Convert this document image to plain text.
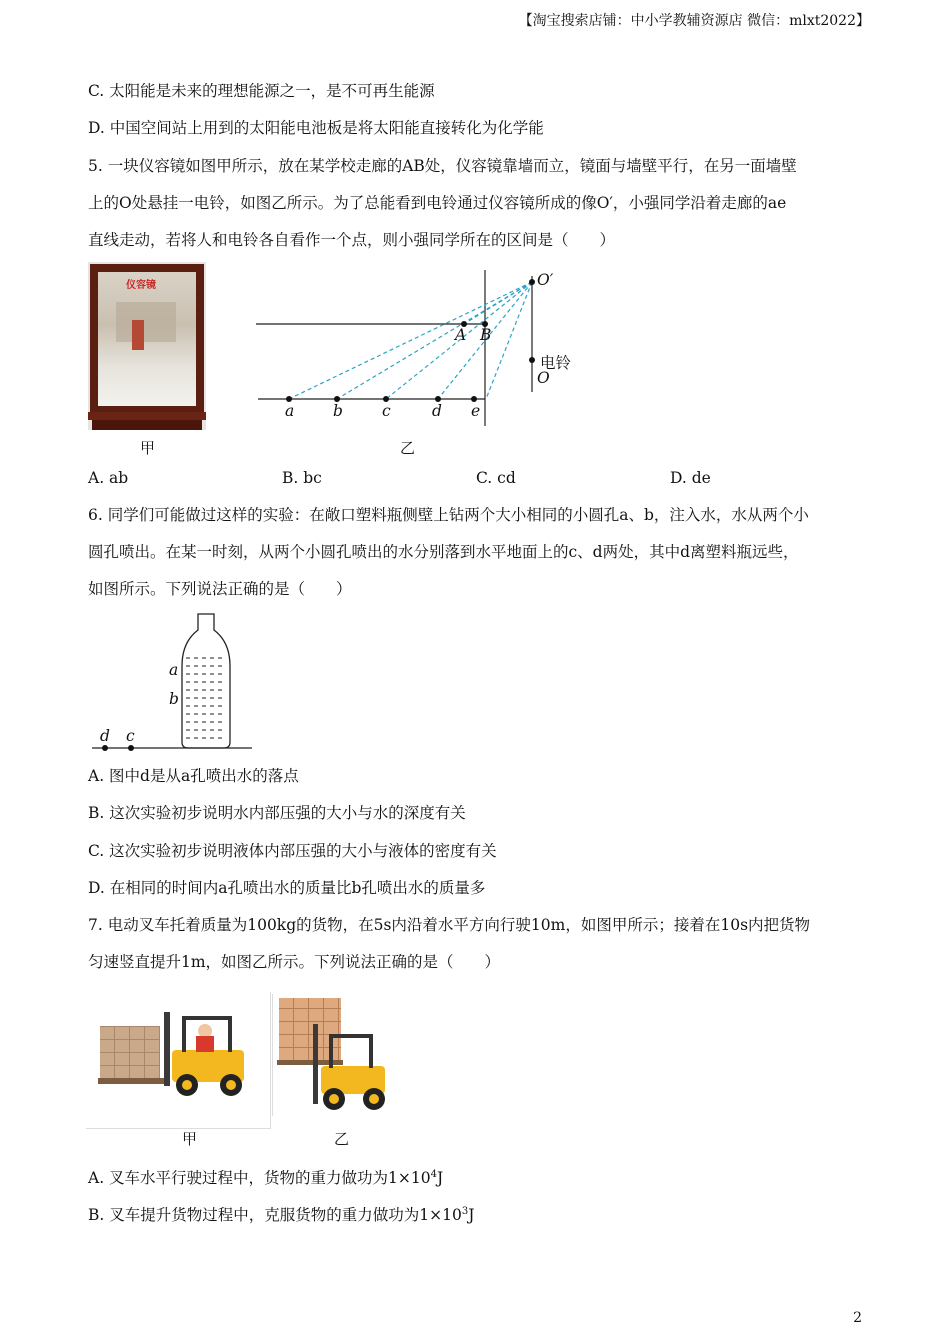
【淘宝搜索店铺：中小学教辅资源店 微信：mlxt2022】
C. 太阳能是未来的理想能源之一，是不可再生能源
D. 中国空间站上用到的太阳能电池板是将太阳能直接转化为化学能
5. 一块仪容镜如图甲所示，放在某学校走廊的AB处，仪容镜靠墙而立，镜面与墙壁平行，在另一面墙壁
上的O处悬挂一电铃，如图乙所示。为了总能看到电铃通过仪容镜所成的像O′，小强同学沿着走廊的ae
直线走动，若将人和电铃各自看作一个点，则小强同学所在的区间是（　　）
仪容镜
甲
O′
A B
电铃
O
a	b	c	d e
乙
A. ab	B. bc	C. cd	D. de
6. 同学们可能做过这样的实验：在敞口塑料瓶侧壁上钻两个大小相同的小圆孔a、b，注入水，水从两个小
圆孔喷出。在某一时刻，从两个小圆孔喷出的水分别落到水平地面上的c、d两处，其中d离塑料瓶远些，
如图所示。下列说法正确的是（　　）
a
b
d c
A. 图中d是从a孔喷出水的落点
B. 这次实验初步说明水内部压强的大小与水的深度有关
C. 这次实验初步说明液体内部压强的大小与液体的密度有关
D. 在相同的时间内a孔喷出水的质量比b孔喷出水的质量多
7. 电动叉车托着质量为100kg的货物，在5s内沿着水平方向行驶10m，如图甲所示；接着在10s内把货物
匀速竖直提升1m，如图乙所示。下列说法正确的是（　　）
甲	乙
A. 叉车水平行驶过程中，货物的重力做功为$1\times 10^4J$
B. 叉车提升货物过程中，克服货物的重力做功为$1\times 10^3J$
2
